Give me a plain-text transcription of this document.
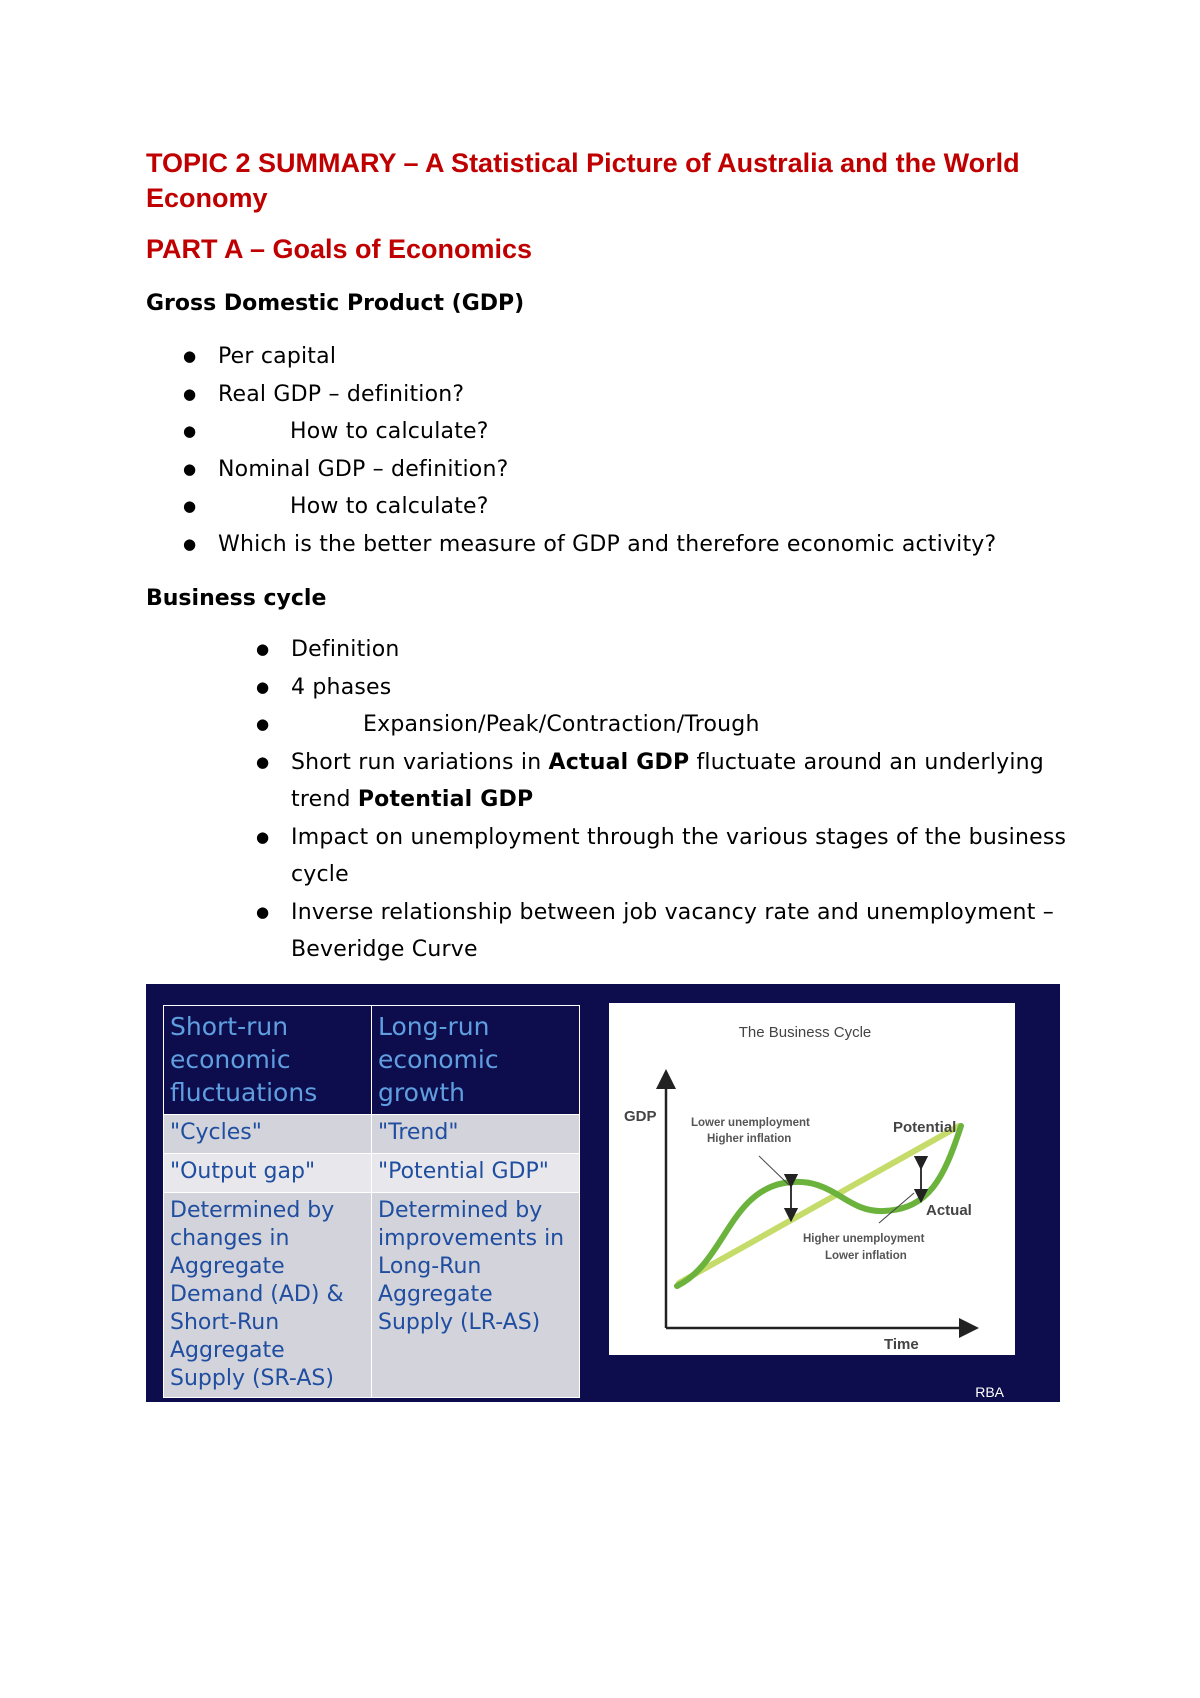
TOPIC 2 SUMMARY – A Statistical Picture of Australia and the World Economy
PART A – Goals of Economics
Gross Domestic Product (GDP)
● Per capital
● Real GDP – definition?
● How to calculate?
● Nominal GDP – definition?
● How to calculate?
● Which is the better measure of GDP and therefore economic activity?
Business cycle
● Definition
● 4 phases
● Expansion/Peak/Contraction/Trough
● Short run variations in Actual GDP fluctuate around an underlying trend Potential GDP
● Impact on unemployment through the various stages of the business cycle
● Inverse relationship between job vacancy rate and unemployment – Beveridge Curve
Short-run economic fluctuations	Long-run economic growth
"Cycles"	"Trend"
"Output gap"	"Potential GDP"
Determined by changes in Aggregate Demand (AD) & Short-Run Aggregate Supply (SR-AS)	Determined by improvements in Long-Run Aggregate Supply (LR-AS)
The Business Cycle
GDP
Time
Potential
Actual
Lower unemployment
Higher inflation
Higher unemployment
Lower inflation
RBA
